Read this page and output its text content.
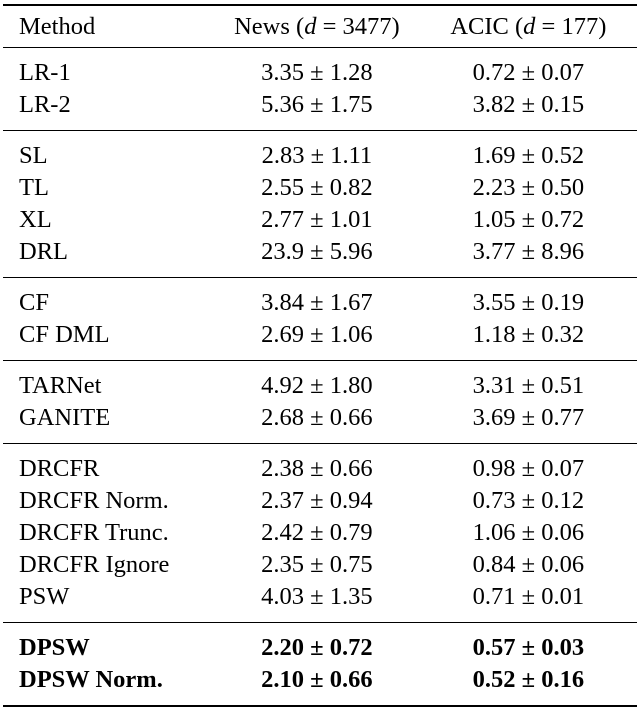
Method	News (d = 3477)	ACIC (d = 177)
LR-1	3.35 ± 1.28	0.72 ± 0.07
LR-2	5.36 ± 1.75	3.82 ± 0.15
SL	2.83 ± 1.11	1.69 ± 0.52
TL	2.55 ± 0.82	2.23 ± 0.50
XL	2.77 ± 1.01	1.05 ± 0.72
DRL	23.9 ± 5.96	3.77 ± 8.96
CF	3.84 ± 1.67	3.55 ± 0.19
CF DML	2.69 ± 1.06	1.18 ± 0.32
TARNet	4.92 ± 1.80	3.31 ± 0.51
GANITE	2.68 ± 0.66	3.69 ± 0.77
DRCFR	2.38 ± 0.66	0.98 ± 0.07
DRCFR Norm.	2.37 ± 0.94	0.73 ± 0.12
DRCFR Trunc.	2.42 ± 0.79	1.06 ± 0.06
DRCFR Ignore	2.35 ± 0.75	0.84 ± 0.06
PSW	4.03 ± 1.35	0.71 ± 0.01
DPSW	2.20 ± 0.72	0.57 ± 0.03
DPSW Norm.	2.10 ± 0.66	0.52 ± 0.16
